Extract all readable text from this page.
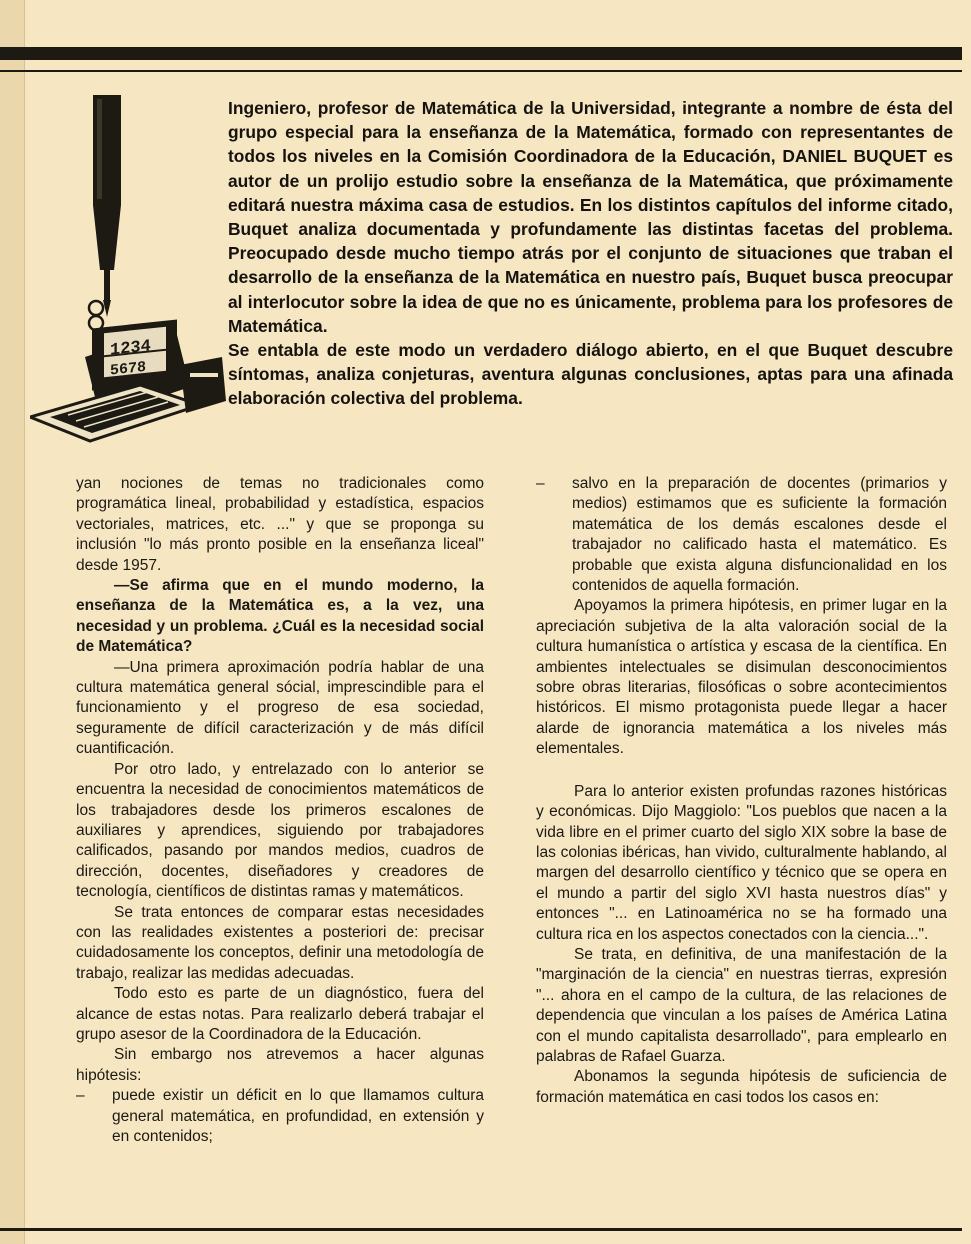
1234
5678

Ingeniero, profesor de Matemática de la Universidad, integrante a nombre de ésta del grupo especial para la enseñanza de la Matemática, formado con representantes de todos los niveles en la Comisión Coordinadora de la Educación, DANIEL BUQUET es autor de un prolijo estudio sobre la enseñanza de la Matemática, que próximamente editará nuestra máxima casa de estudios. En los distintos capítulos del informe citado, Buquet analiza documentada y profundamente las distintas facetas del problema. Preocupado desde mucho tiempo atrás por el conjunto de situaciones que traban el desarrollo de la enseñanza de la Matemática en nuestro país, Buquet busca preocupar al interlocutor sobre la idea de que no es únicamente, problema para los profesores de Matemática.

Se entabla de este modo un verdadero diálogo abierto, en el que Buquet descubre síntomas, analiza conjeturas, aventura algunas conclusiones, aptas para una afinada elaboración colectiva del problema.

yan nociones de temas no tradicionales como programática lineal, probabilidad y estadística, espacios vectoriales, matrices, etc. ..." y que se proponga su inclusión "lo más pronto posible en la enseñanza liceal" desde 1957.

—Se afirma que en el mundo moderno, la enseñanza de la Matemática es, a la vez, una necesidad y un problema. ¿Cuál es la necesidad social de Matemática?

—Una primera aproximación podría hablar de una cultura matemática general sócial, imprescindible para el funcionamiento y el progreso de esa sociedad, seguramente de difícil caracterización y de más difícil cuantificación.

Por otro lado, y entrelazado con lo anterior se encuentra la necesidad de conocimientos matemáticos de los trabajadores desde los primeros escalones de auxiliares y aprendices, siguiendo por trabajadores calificados, pasando por mandos medios, cuadros de dirección, docentes, diseñadores y creadores de tecnología, científicos de distintas ramas y matemáticos.

Se trata entonces de comparar estas necesidades con las realidades existentes a posteriori de: precisar cuidadosamente los conceptos, definir una metodología de trabajo, realizar las medidas adecuadas.

Todo esto es parte de un diagnóstico, fuera del alcance de estas notas. Para realizarlo deberá trabajar el grupo asesor de la Coordinadora de la Educación.

Sin embargo nos atrevemos a hacer algunas hipótesis:

– puede existir un déficit en lo que llamamos cultura general matemática, en profundidad, en extensión y en contenidos;

– salvo en la preparación de docentes (primarios y medios) estimamos que es suficiente la formación matemática de los demás escalones desde el trabajador no calificado hasta el matemático. Es probable que exista alguna disfuncionalidad en los contenidos de aquella formación.

Apoyamos la primera hipótesis, en primer lugar en la apreciación subjetiva de la alta valoración social de la cultura humanística o artística y escasa de la científica. En ambientes intelectuales se disimulan desconocimientos sobre obras literarias, filosóficas o sobre acontecimientos históricos. El mismo protagonista puede llegar a hacer alarde de ignorancia matemática a los niveles más elementales.

Para lo anterior existen profundas razones históricas y económicas. Dijo Maggiolo: "Los pueblos que nacen a la vida libre en el primer cuarto del siglo XIX sobre la base de las colonias ibéricas, han vivido, culturalmente hablando, al margen del desarrollo científico y técnico que se opera en el mundo a partir del siglo XVI hasta nuestros días" y entonces "... en Latinoamérica no se ha formado una cultura rica en los aspectos conectados con la ciencia...".

Se trata, en definitiva, de una manifestación de la "marginación de la ciencia" en nuestras tierras, expresión "... ahora en el campo de la cultura, de las relaciones de dependencia que vinculan a los países de América Latina con el mundo capitalista desarrollado", para emplearlo en palabras de Rafael Guarza.

Abonamos la segunda hipótesis de suficiencia de formación matemática en casi todos los casos en:
